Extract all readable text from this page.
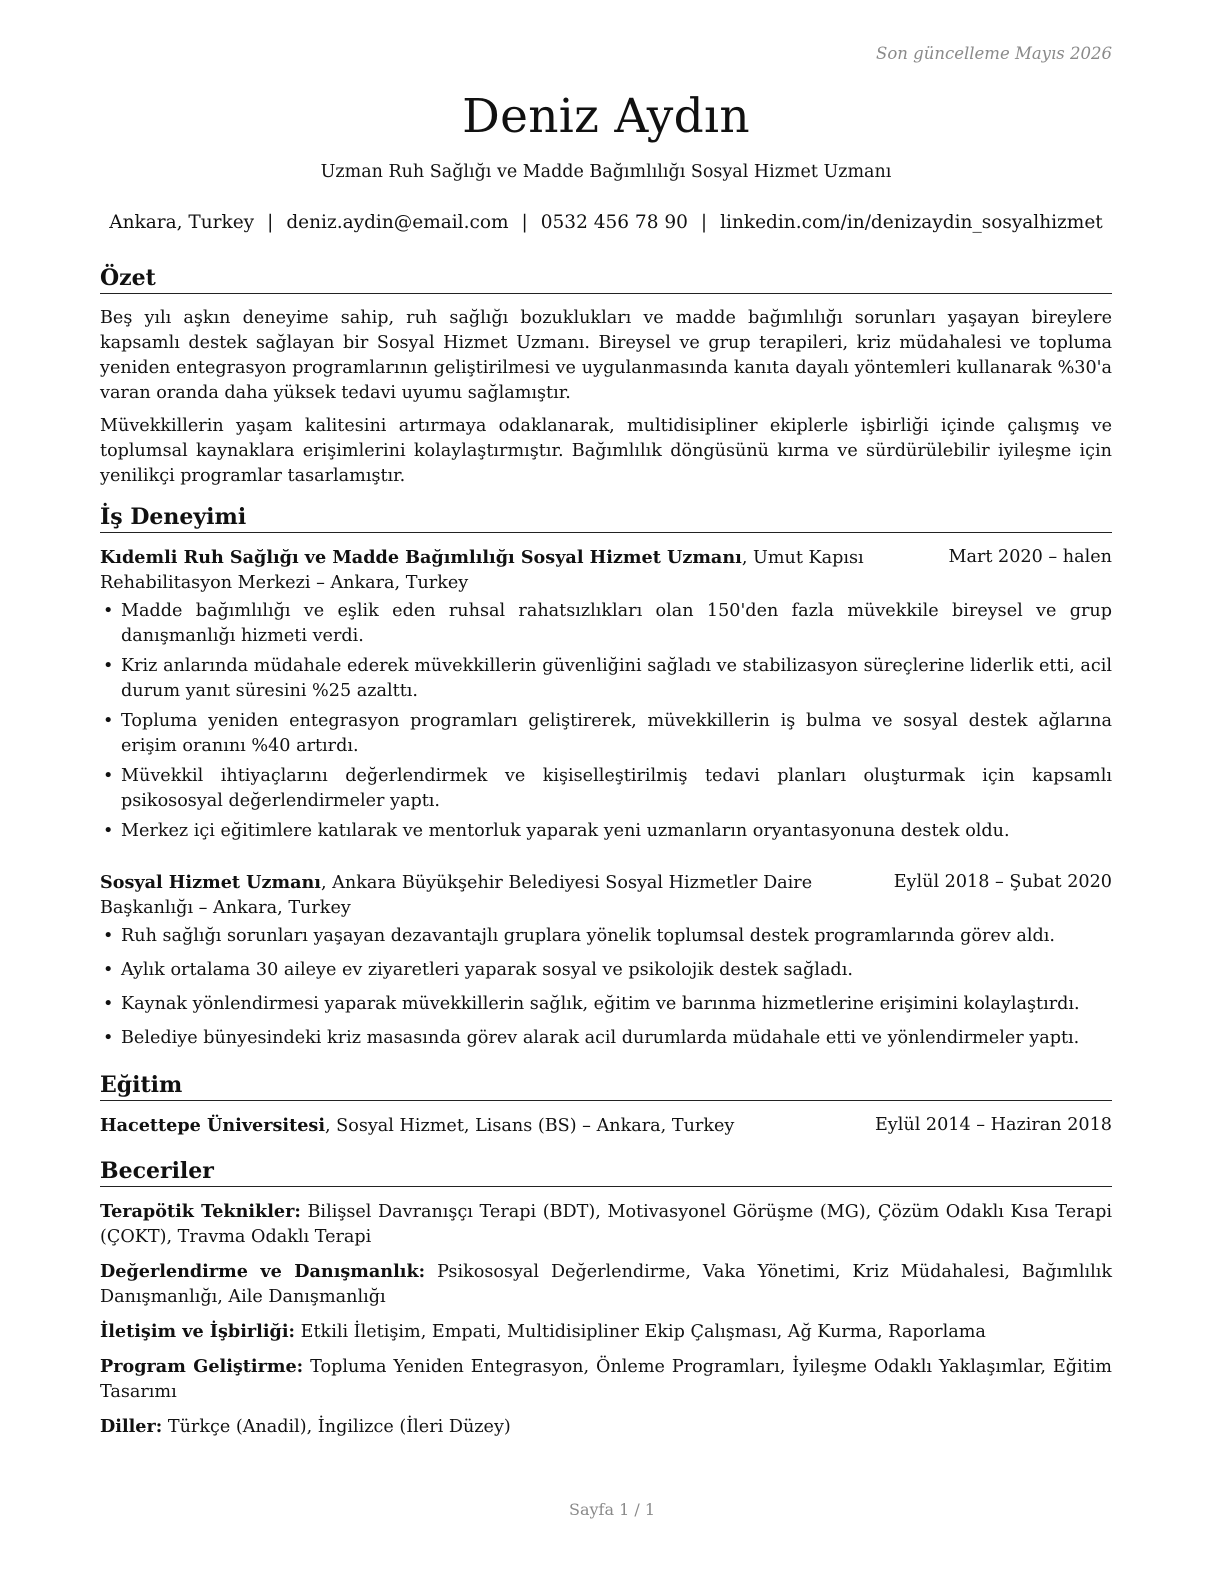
Son güncelleme Mayıs 2026
Deniz Aydın
Uzman Ruh Sağlığı ve Madde Bağımlılığı Sosyal Hizmet Uzmanı
Ankara, Turkey | deniz.aydin@email.com | 0532 456 78 90 | linkedin.com/in/denizaydin_sosyalhizmet
Özet

Beş yılı aşkın deneyime sahip, ruh sağlığı bozuklukları ve madde bağımlılığı sorunları yaşayan bireylere kapsamlı destek sağlayan bir Sosyal Hizmet Uzmanı. Bireysel ve grup terapileri, kriz müdahalesi ve topluma yeniden entegrasyon programlarının geliştirilmesi ve uygulanmasında kanıta dayalı yöntemleri kullanarak %30'a varan oranda daha yüksek tedavi uyumu sağlamıştır.

Müvekkillerin yaşam kalitesini artırmaya odaklanarak, multidisipliner ekiplerle işbirliği içinde çalışmış ve toplumsal kaynaklara erişimlerini kolaylaştırmıştır. Bağımlılık döngüsünü kırma ve sürdürülebilir iyileşme için yenilikçi programlar tasarlamıştır.

İş Deneyimi
Kıdemli Ruh Sağlığı ve Madde Bağımlılığı Sosyal Hizmet Uzmanı, Umut Kapısı Rehabilitasyon Merkezi – Ankara, Turkey
Mart 2020 – halen
• Madde bağımlılığı ve eşlik eden ruhsal rahatsızlıkları olan 150'den fazla müvekkile bireysel ve grup danışmanlığı hizmeti verdi.
• Kriz anlarında müdahale ederek müvekkillerin güvenliğini sağladı ve stabilizasyon süreçlerine liderlik etti, acil durum yanıt süresini %25 azalttı.
• Topluma yeniden entegrasyon programları geliştirerek, müvekkillerin iş bulma ve sosyal destek ağlarına erişim oranını %40 artırdı.
• Müvekkil ihtiyaçlarını değerlendirmek ve kişiselleştirilmiş tedavi planları oluşturmak için kapsamlı psikososyal değerlendirmeler yaptı.
• Merkez içi eğitimlere katılarak ve mentorluk yaparak yeni uzmanların oryantasyonuna destek oldu.
Sosyal Hizmet Uzmanı, Ankara Büyükşehir Belediyesi Sosyal Hizmetler Daire Başkanlığı – Ankara, Turkey
Eylül 2018 – Şubat 2020
• Ruh sağlığı sorunları yaşayan dezavantajlı gruplara yönelik toplumsal destek programlarında görev aldı.
• Aylık ortalama 30 aileye ev ziyaretleri yaparak sosyal ve psikolojik destek sağladı.
• Kaynak yönlendirmesi yaparak müvekkillerin sağlık, eğitim ve barınma hizmetlerine erişimini kolaylaştırdı.
• Belediye bünyesindeki kriz masasında görev alarak acil durumlarda müdahale etti ve yönlendirmeler yaptı.
Eğitim
Hacettepe Üniversitesi, Sosyal Hizmet, Lisans (BS) – Ankara, Turkey	Eylül 2014 – Haziran 2018
Beceriler

Terapötik Teknikler: Bilişsel Davranışçı Terapi (BDT), Motivasyonel Görüşme (MG), Çözüm Odaklı Kısa Terapi (ÇOKT), Travma Odaklı Terapi

Değerlendirme ve Danışmanlık: Psikososyal Değerlendirme, Vaka Yönetimi, Kriz Müdahalesi, Bağımlılık Danışmanlığı, Aile Danışmanlığı

İletişim ve İşbirliği: Etkili İletişim, Empati, Multidisipliner Ekip Çalışması, Ağ Kurma, Raporlama

Program Geliştirme: Topluma Yeniden Entegrasyon, Önleme Programları, İyileşme Odaklı Yaklaşımlar, Eğitim Tasarımı

Diller: Türkçe (Anadil), İngilizce (İleri Düzey)

Sayfa 1 / 1
